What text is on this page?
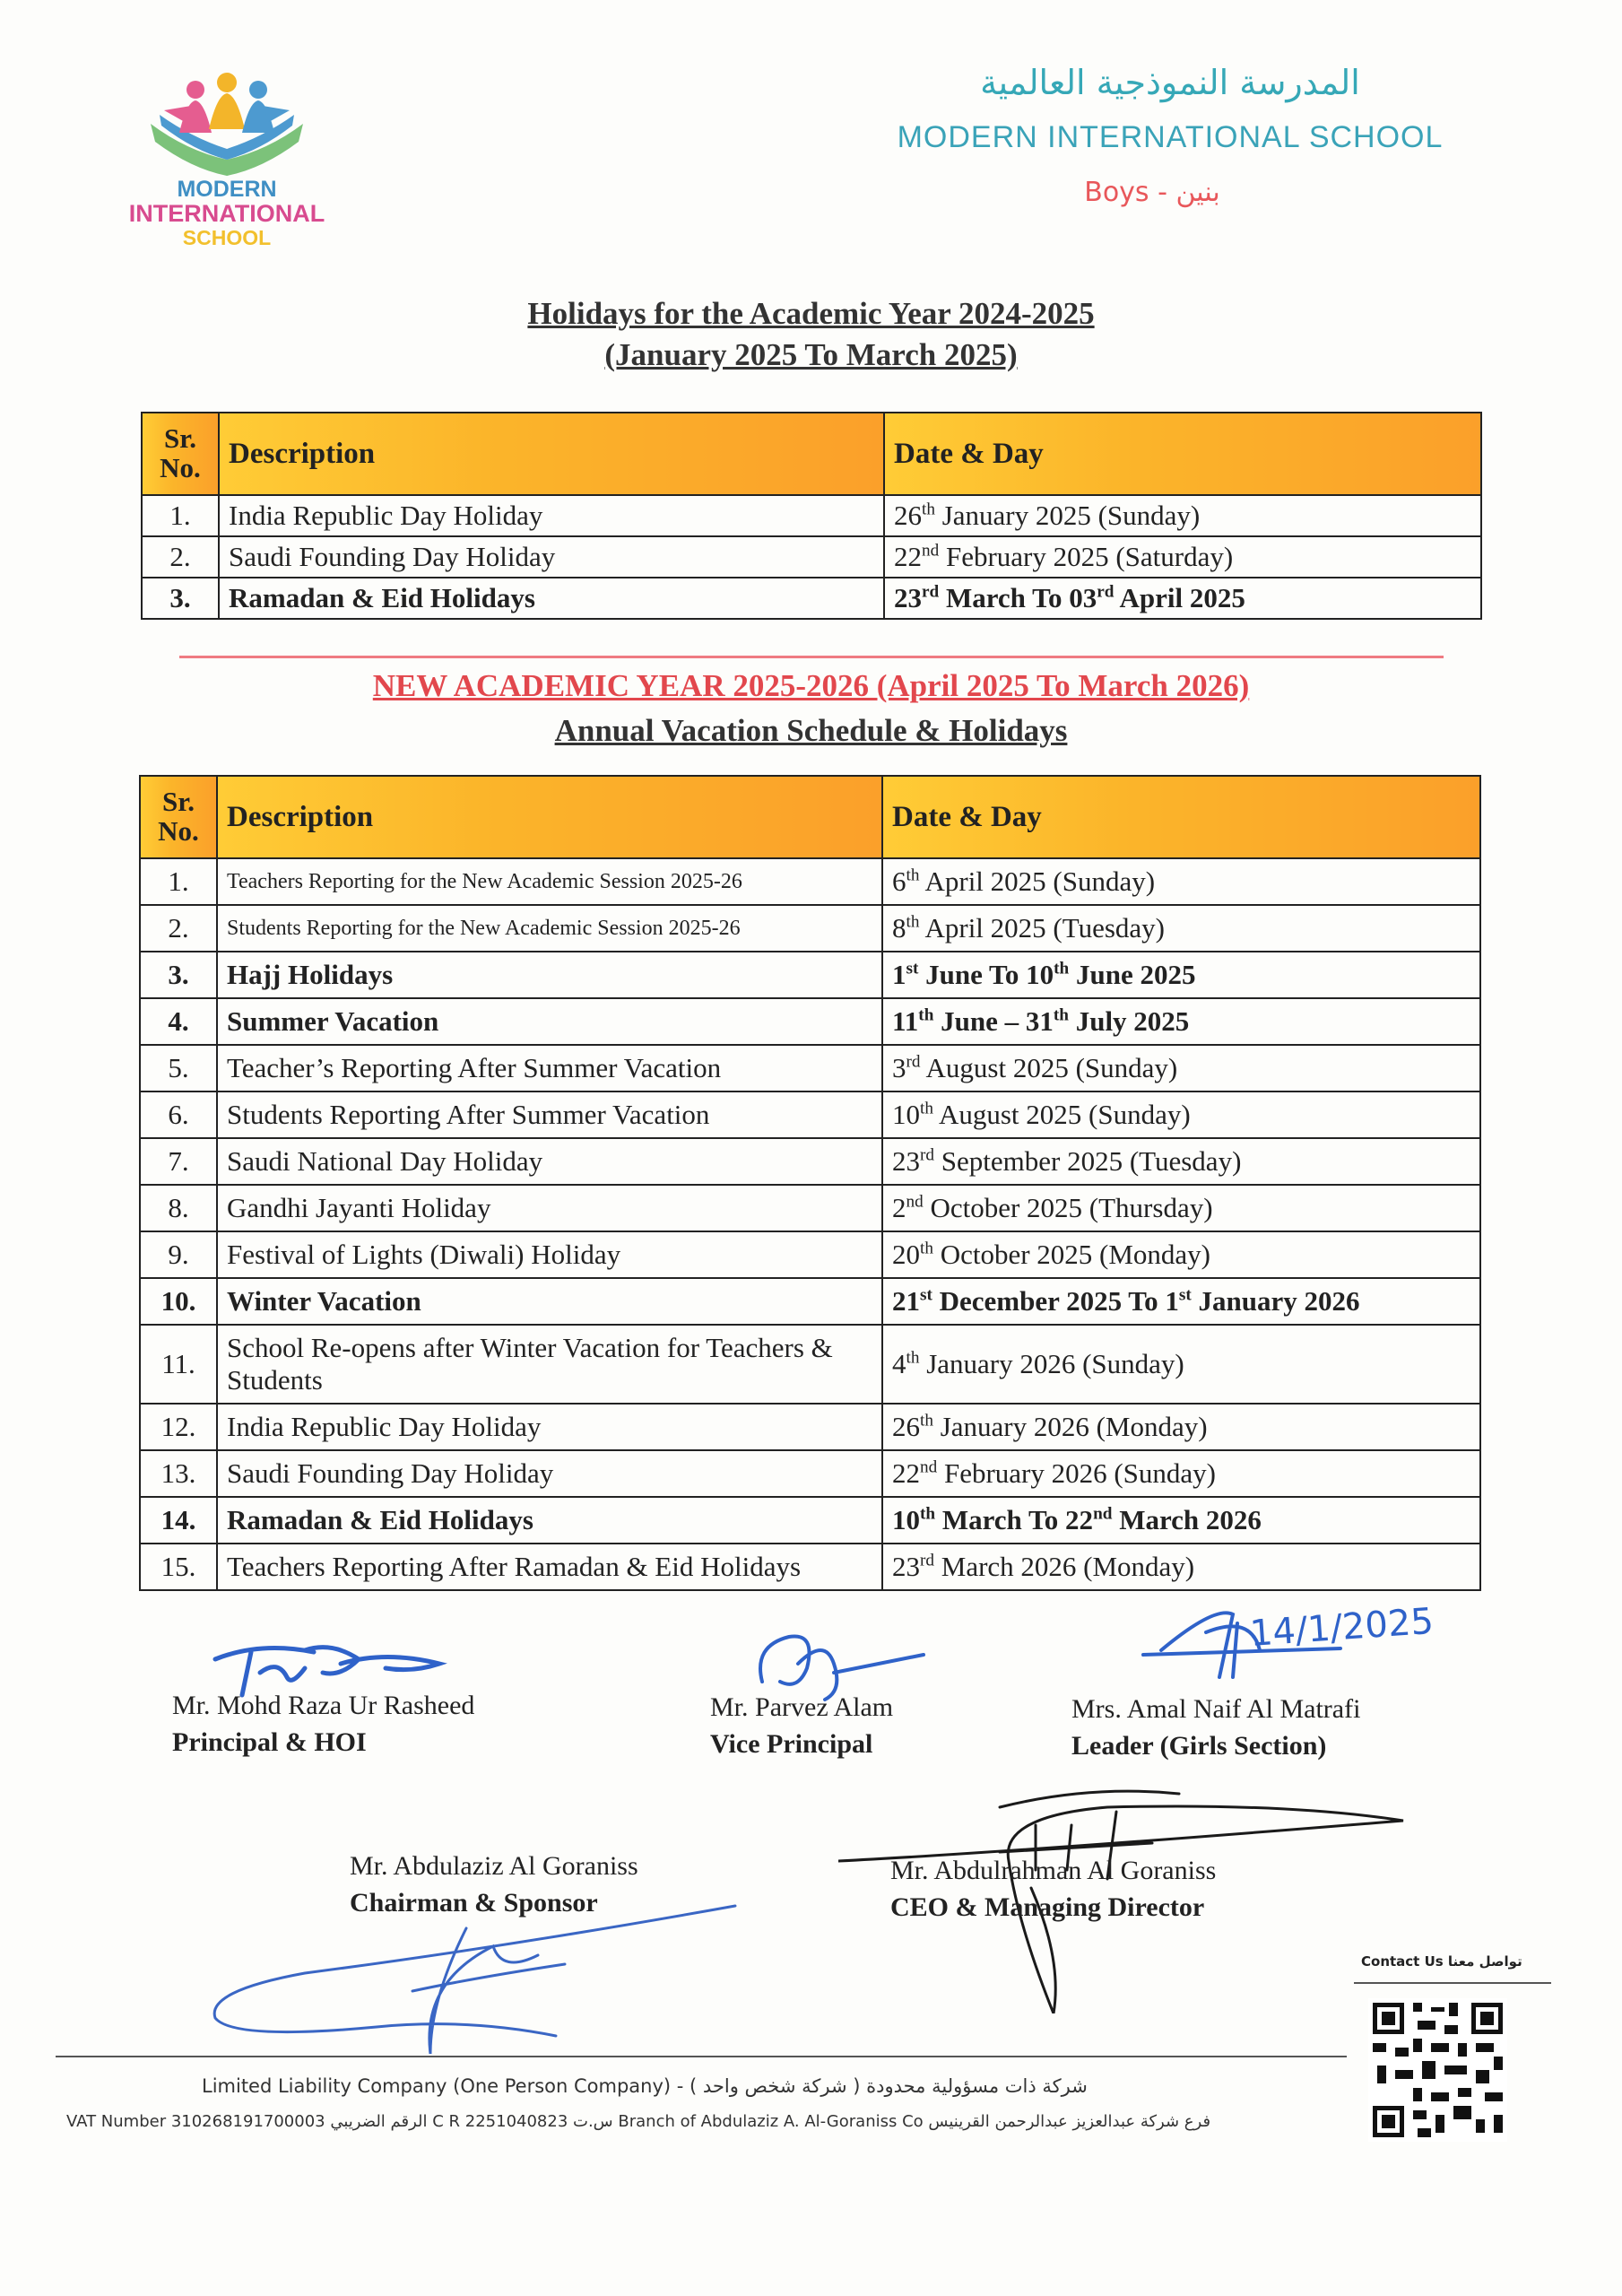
MODERN
INTERNATIONAL
SCHOOL
المدرسة النموذجية العالمية
MODERN INTERNATIONAL SCHOOL
Boys - بنين
Holidays for the Academic Year 2024-2025
(January 2025 To March 2025)
Sr.
No.	Description	Date & Day
1.	India Republic Day Holiday	26th January 2025 (Sunday)
2.	Saudi Founding Day Holiday	22nd February 2025 (Saturday)
3.	Ramadan & Eid Holidays	23rd March To 03rd April 2025
NEW ACADEMIC YEAR 2025-2026 (April 2025 To March 2026)
Annual Vacation Schedule & Holidays
Sr.
No.	Description	Date & Day
1.	Teachers Reporting for the New Academic Session 2025-26	6th April 2025 (Sunday)
2.	Students Reporting for the New Academic Session 2025-26	8th April 2025 (Tuesday)
3.	Hajj Holidays	1st June To 10th June 2025
4.	Summer Vacation	11th June – 31th July 2025
5.	Teacher’s Reporting After Summer Vacation	3rd August 2025 (Sunday)
6.	Students Reporting After Summer Vacation	10th August 2025 (Sunday)
7.	Saudi National Day Holiday	23rd September 2025 (Tuesday)
8.	Gandhi Jayanti Holiday	2nd October 2025 (Thursday)
9.	Festival of Lights (Diwali) Holiday	20th October 2025 (Monday)
10.	Winter Vacation	21st December 2025 To 1st January 2026
11.	School Re-opens after Winter Vacation for Teachers & Students	4th January 2026 (Sunday)
12.	India Republic Day Holiday	26th January 2026 (Monday)
13.	Saudi Founding Day Holiday	22nd February 2026 (Sunday)
14.	Ramadan & Eid Holidays	10th March To 22nd March 2026
15.	Teachers Reporting After Ramadan & Eid Holidays	23rd March 2026 (Monday)
14/1/2025
Mr. Mohd Raza Ur Rasheed
Principal & HOI
Mr. Parvez Alam
Vice Principal
Mrs. Amal Naif Al Matrafi
Leader (Girls Section)
Mr. Abdulaziz Al Goraniss
Chairman & Sponsor
Mr. Abdulrahman Al Goraniss
CEO & Managing Director
Contact Us تواصل معنا
Limited Liability Company (One Person Company) - ( شركة ذات مسؤولية محدودة ( شركة شخص واحد
VAT Number 310268191700003 الرقم الضريبي C R 2251040823 س.ت Branch of Abdulaziz A. Al-Goraniss Co فرع شركة عبدالعزيز عبدالرحمن القرينيس
